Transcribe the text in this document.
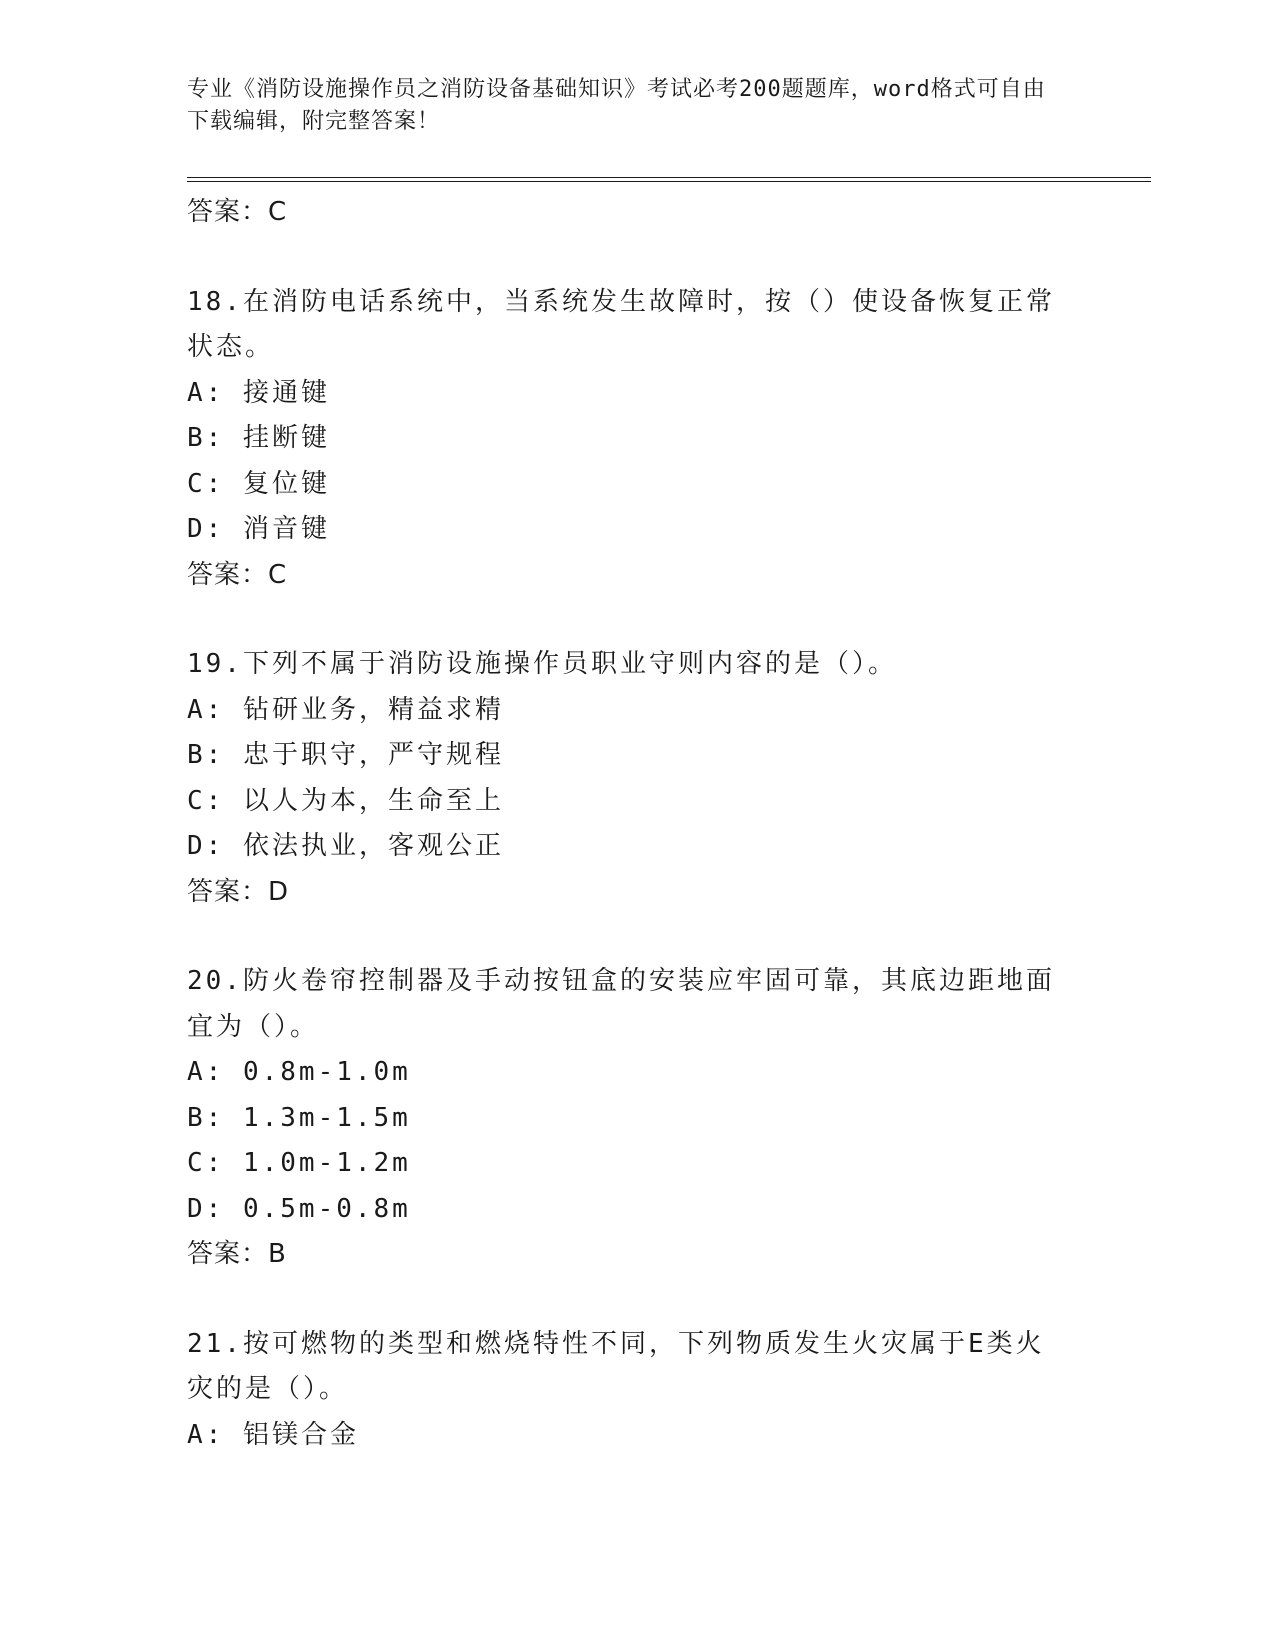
专业《消防设施操作员之消防设备基础知识》考试必考200题题库，word格式可自由下载编辑，附完整答案！

答案：C

18.在消防电话系统中，当系统发生故障时，按（）使设备恢复正常状态。

A: 接通键

B: 挂断键

C: 复位键

D: 消音键

答案：C

19.下列不属于消防设施操作员职业守则内容的是（）。

A: 钻研业务，精益求精

B: 忠于职守，严守规程

C: 以人为本，生命至上

D: 依法执业，客观公正

答案：D

20.防火卷帘控制器及手动按钮盒的安装应牢固可靠，其底边距地面宜为（）。

A: 0.8m-1.0m

B: 1.3m-1.5m

C: 1.0m-1.2m

D: 0.5m-0.8m

答案：B

21.按可燃物的类型和燃烧特性不同，下列物质发生火灾属于E类火灾的是（）。

A: 铝镁合金
